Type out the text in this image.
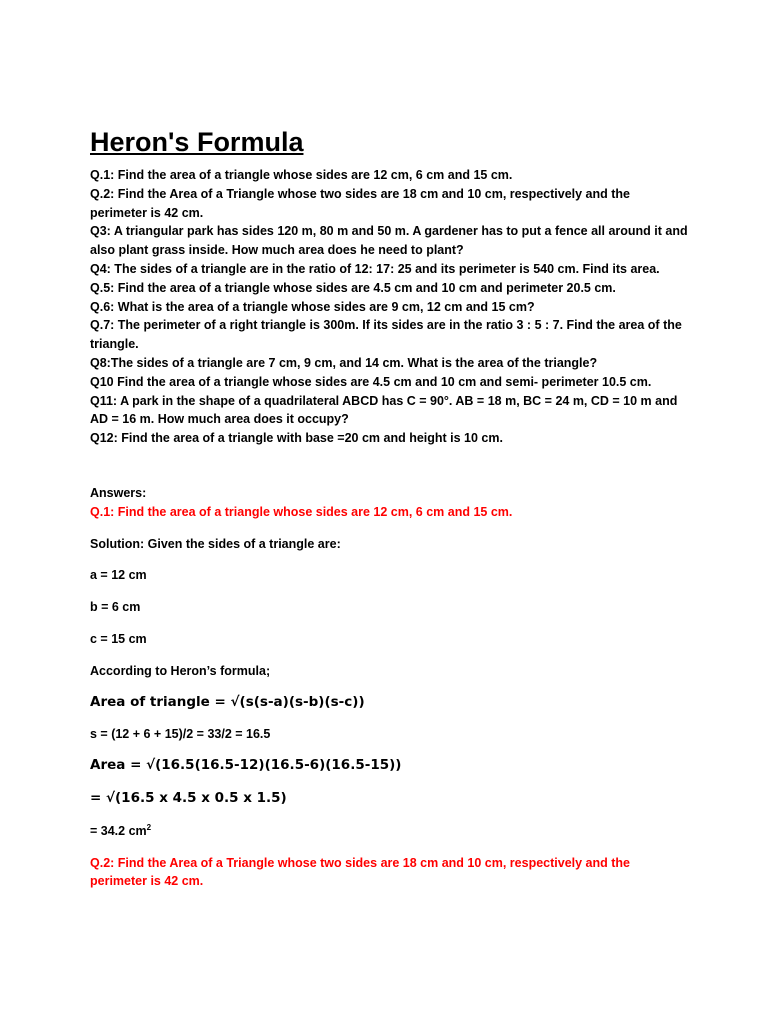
Heron's Formula

Q.1: Find the area of a triangle whose sides are 12 cm, 6 cm and 15 cm.

Q.2: Find the Area of a Triangle whose two sides are 18 cm and 10 cm, respectively and the perimeter is 42 cm.

Q3: A triangular park has sides 120 m, 80 m and 50 m. A gardener has to put a fence all around it and also plant grass inside. How much area does he need to plant?

Q4: The sides of a triangle are in the ratio of 12: 17: 25 and its perimeter is 540 cm. Find its area.

Q.5: Find the area of a triangle whose sides are 4.5 cm and 10 cm and perimeter 20.5 cm.

Q.6: What is the area of a triangle whose sides are 9 cm, 12 cm and 15 cm?

Q.7: The perimeter of a right triangle is 300m. If its sides are in the ratio 3 : 5 : 7. Find the area of the triangle.

Q8:The sides of a triangle are 7 cm, 9 cm, and 14 cm. What is the area of the triangle?

Q10 Find the area of a triangle whose sides are 4.5 cm and 10 cm and semi- perimeter 10.5 cm.

Q11: A park in the shape of a quadrilateral ABCD has C = 90°. AB = 18 m, BC = 24 m, CD = 10 m and AD = 16 m. How much area does it occupy?

Q12: Find the area of a triangle with base =20 cm and height is 10 cm.

Answers:

Q.1: Find the area of a triangle whose sides are 12 cm, 6 cm and 15 cm.

Solution: Given the sides of a triangle are:

a = 12 cm

b = 6 cm

c = 15 cm

According to Heron’s formula;

Area of triangle = √(s(s-a)(s-b)(s-c))

s = (12 + 6 + 15)/2 = 33/2 = 16.5

Area = √(16.5(16.5-12)(16.5-6)(16.5-15))

= √(16.5 x 4.5 x 0.5 x 1.5)

= 34.2 $cm^2$

Q.2: Find the Area of a Triangle whose two sides are 18 cm and 10 cm, respectively and the perimeter is 42 cm.
